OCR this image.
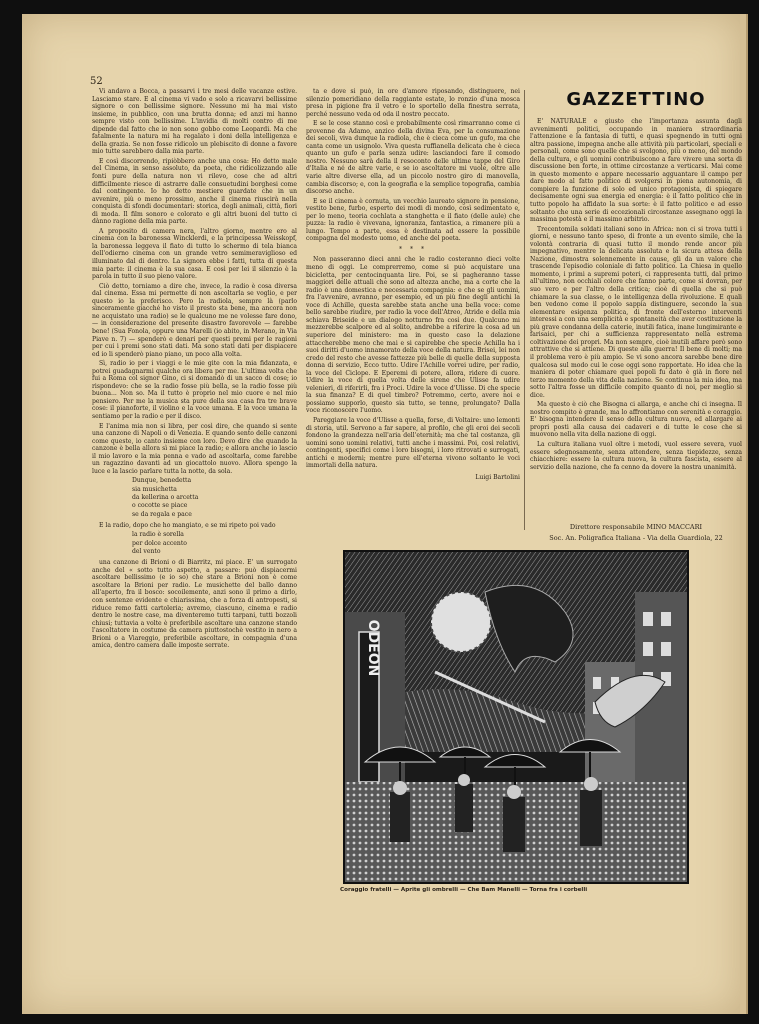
52

Vi andavo a Bocca, a passarvi i tre mesi delle vacanze estive. Lasciamo stare. E al cinema vi vado e solo a ricavarvi bellissime signore o con bellissime signore. Nessuno mi ha mai visto insieme, in pubblico, con una brutta donna; ed anzi mi hanno sempre visto con bellissime. L'invidia di molti contro di me dipende dal fatto che io non sono gobbo come Leopardi. Ma che fatalmente la natura mi ha regalato i doni della intelligenza e della grazia. Se non fosse ridicolo un plebiscito di donne a favore mio tutte sarebbero dalla mia parte.

E così discorrendo, ripiòbbero anche una cosa: Ho detto male del Cinema, in senso assoluto, da poeta, che ridicolizzando alle fonti pure della natura non vi rilevo, cose che ad altri difficilmente riesce di astrarre dalle consuetudini borghesi come dal contingente. Io ho detto mestiere guardate che in un avvenire, più o meno prossimo, anche il cinema riuscirà nella conquista di sfondi documentari: storica, degli animali, città, fiori di moda. Il film sonoro e colorato e gli altri buoni del tutto ci dànno ragione della mia parte.

A proposito di camera nera, l'altro giorno, mentre ero al cinema con la baronessa Wincklerdi, e la principessa Weisskopf, la baronessa leggeva il fiato di tutto lo schermo di tela bianca dell'odierno cinema con un grande vetro semimeraviglioso ed illuminato dal di dentro. La signora ebbe i fatti, tutta di questa mia parte: il cinema è la sua casa. E così per lei il silenzio è la parola in tutto il suo pieno valore.

Ciò detto, torniamo a dire che, invece, la radio è cosa diversa dal cinema. Essa mi permette di non ascoltarla se voglio, e per questo io la preferisco. Pero la radiola, sempre là (parlo sinceramente giacché ho visto il presto sta bene, ma ancora non ne acquistato una radio) se le qualcuno me ne volesse fare dono, — in considerazione del presente disastro favorevole — farebbe bene! (Sua Fonola, oppure una Marelli (io abito, in Merano, in Via Piave n. 7) — spenderò e denari per questi premi per le ragioni per cui i premi sono stati dati. Ma sono stati dati per dispiacere ed io li spenderò piano piano, un poco alla volta.

Sì, radio io per i viaggi e le mie gite con la mia fidanzata, e potrei guadagnarmi qualche ora libera per me. L'ultima volta che fui a Roma col signor Gino, ci si domandò di un sacco di cose; io rispondevo: che se la radio fosse più bella, se la radio fosse più buona... Non so. Ma il tutto è proprio nel mio cuore e nel mio pensiero. Per me la musica sta pure della sua casa fra tre brave cose: il pianoforte, il violino e la voce umana. E la voce umana la sentiamo per la radio e per il disco.

E l'anima mia non si libra, per così dire, che quando si sente una canzone di Napoli o di Venezia. E quando sento delle canzoni come queste, io canto insieme con loro. Devo dire che quando la canzone è bella allora sì mi piace la radio; e allora anche io lascio il mio lavoro e la mia penna e vado ad ascoltarla, come farebbe un ragazzino davanti ad un giocattolo nuovo. Allora spengo la luce e la lascio parlare tutta la notte, da sola.

Dunque, benedetta
sia musichetta
da kellerina o arcetta
o cocotte se piace
se da regala e pace

E la radio, dopo che ho mangiato, e se mi ripeto poi vado

la radio è sorella
per dolce accento
del vento

una canzone di Brioni o di Biarritz, mi piace. E' un surrogato anche del « sotto tutto aspetto, a passare: può dispiacermi ascoltare bellissimo (e io so) che stare a Brioni non è come ascoltare la Brioni per radio. Le musichette del ballo danno all'aperto, fra il bosco: socoilemente, anzi sono il primo a dirlo, con sentenze evidente e chiarissima, che a forza di antropesti, si riduce remo fatti cartoleria; avremo, ciascuno, cinema e radio dentro le nostre case, ma diventeremo tutti tarpani, tutti bozzoli chiusi; tuttavia a volte è preferibile ascoltare una canzone stando l'ascoltatore in costume da camera piuttostochè vestito in nero a Brioni o a Viareggio, preferibile ascoltare, in compagnia d'una amica, dentro camera dalle imposte serrate.

ta e dove si può, in ore d'amore riposando, distinguere, nei silenzio pomeridiano della raggiante estate, lo ronzio d'una mosca presa in pigione fra il vetro e lo sportello della finestra serrata, perché nessuno veda od oda il nostro peccato.

E se le cose stanno così e probabilmente così rimarranno come ci provenne da Adamo, anzico della divina Eva, per la consumazione dei secoli, viva dunque la radiola, che è cieca come un gufo, ma che canta come un usignolo. Viva questa ruffianella delicata che è cieca quanto un gufo e parla senza udire: lasciandoci fare il comodo nostro. Nessuno sarà della il resoconto delle ultime tappe del Giro d'Italia e né de altre varie, e se io ascoltatore mi vuole, oltre alle varie altre diverse ella, ad un piccolo nostro giro di manovella, cambia discorso; e, con la geografia e la semplice topografia, cambia discorso anche.

E se il cinema è cornuta, un vecchio laureato signore in pensione, vestito bene, furbo, esperto dei modi di mondo, così sedimentato e, per lo meno, teoria cochlata a stanghetta e il fiato (delle aule) che puzza: la radio è vivevana, ignoranza, fantastica, a rimanere più a lungo. Tempo a parte, essa è destinata ad essere la possibile compagna del modesto uomo, ed anche del poeta.

* * *

Non passeranno dieci anni che le radio costeranno dieci volte meno di oggi. Le comprerremo, come si può acquistare una bicicletta, per centocinquanta lire. Poi, se si pagheranno tasse maggiori delle attuali che sono ad altezza anche, ma a corte che la radio è una domestica e necessaria compagnia: e che se gli uomini, fra l'avvenire, avranno, per esempio, ed un più fine degli antichi la voce di Achille, questa sarebbe stata anche una bella voce: come bello sarebbe riudire, per radio la voce dell'Atreo, Atride e della mia schiava Briseide e un dialogo notturno fra così due. Qualcuno mi mezzerebbe scalpore ed al solito, andrebbe a riferire la cosa ad un superiore del ministero: ma in questo caso la delazione attaccherebbe meno che mai e si capirebbe che specie Achilla ha i suoi diritti d'uomo innamorato della voce della natura. Brisei, lei non credo del resto che avesse fattezze più belle di quelle della supposta donna di servizio, Ecco tutto. Udire l'Achille vorrei udire, per radio, la voce del Ciclope. E Eperemi di potere, allora, ridere di cuore. Udire la voce di quella volta delle sirene che Ulisse fa udire velenieri, di riferirli, fra i Proci. Udire la voce d'Ulisse. Di che specie la sua finanza? E di quel timbro? Potremmo, certo, avere noi e possiamo supporlo, questo sia tutto, se tenne, prolungato? Dalla voce riconoscere l'uomo.

Pareggiare la voce d'Ulisse a quella, forse, di Voltaire: uno lemonti di storia, util. Servono a far sapere, al profilo, che gli eroi dei secoli fondono la grandezza nell'aria dell'eternità; ma che tal costanza, gli uomini sono uomini relativi, tutti anche i massimi. Poi, così relativi, contingenti, specifici come i loro bisogni, i loro ritrovati e surrogati, antichi e moderni; mentre pure ell'eterna vivono soltanto le voci immortali della natura.

Luigi Bartolini

GAZZETTINO

E' NATURALE e giusto che l'importanza assunta dagli avvenimenti politici, occupando in maniera straordinaria l'attenzione e la fantasia di tutti, e quasi spegnendo in tutti ogni altra passione, impegna anche alle attività più particolari, speciali e personali, come sono quelle che si svolgono, più o meno, del mondo della cultura, e gli uomini contribuiscono a fare vivere una sorta di discussione ben forte, in ottime circostanze a verticarsi. Mai come in questo momento e appare necessario agguantare il campo per dare modo al fatto politico di svolgersi in piena autonomia, di compiere la funzione di solo ed unico protagonista, di spiegare decisamente ogni sua energia ed energia: è il fatto politico che in tutto popolo ha affidato la sua sorte: è il fatto politico e ad esso soltanto che una serie di eccezionali circostanze assegnano oggi la massima potestà e il massimo arbitrio.

Trecentomila soldati italiani sono in Africa: non ci si trova tutti i giorni, e nessuno tanto speso, di fronte a un evento simile, che la volontà contraria di quasi tutto il mondo rende ancor più impegnativo, mentre la delicata assoluta e la sicura attesa della Nazione, dimostra solennemente in cause, gli da un valore che trascende l'episodio coloniale di fatto politico. La Chiesa in quello momento, i primi a supremi poteri, ci rappresenta tutti, dal primo all'ultimo, non occhiali colore che fanno parte, come si dovran, per suo vero e per l'altro della critica; cioè di quella che si può chiamare la sua classe, o le intelligenza della rivoluzione. E quali ben vedono come il popolo sappia distinguere, secondo la sua elementare esigenza politica, di fronte dell'esterno interventi interessi a con una semplicità e spontaneità che aver costituzione la più grave condanna della caterie, inutili fatica, inane lungimirante e farisaici, per chi a sufficienza rappresentato nella estrema coltivazione dei propri. Ma non sempre, cioè inutili affare però sono attrattive che si attiene. Di queste alla guerra! Il bene di molti; ma il problema vero è più ampio. Se vi sono ancora sarebbe bene dire qualcosa sul modo cui le cose oggi sono rapportate. Ho idea che la maniera di poter chiamare quei popoli fu dato è già in fiore nel terzo momento della vita della nazione. Se continua la mia idea, ma sotto l'altra fosse un difficile compito quanto di noi, per meglio si dice.

Ma questo è ciò che Bisogna ci allarga, e anche chi ci insegna. Il nostro compito è grande, ma lo affrontiamo con serenità e coraggio. E' bisogna intendere il senso della cultura nuova, ed allargare ai propri posti alla causa dei cadaveri e di tutte le cose che si muovono nella vita della nazione di oggi.

La cultura italiana vuol oltre i metodi, vuol essere severa, vuol essere sdegnosamente, senza attendere, senza tiepidezze, senza chiacchiere: essere la cultura nuova, la cultura fascista, essere al servizio della nazione, che fa cenno da dovere la nostra unanimità.

Direttore responsabile MINO MACCARI
Soc. An. Poligrafica Italiana - Via della Guardiola, 22
ODEON
Coraggio fratelli — Aprite gli ombrelli — Che Bam Manelli — Torna fra i corbelli
